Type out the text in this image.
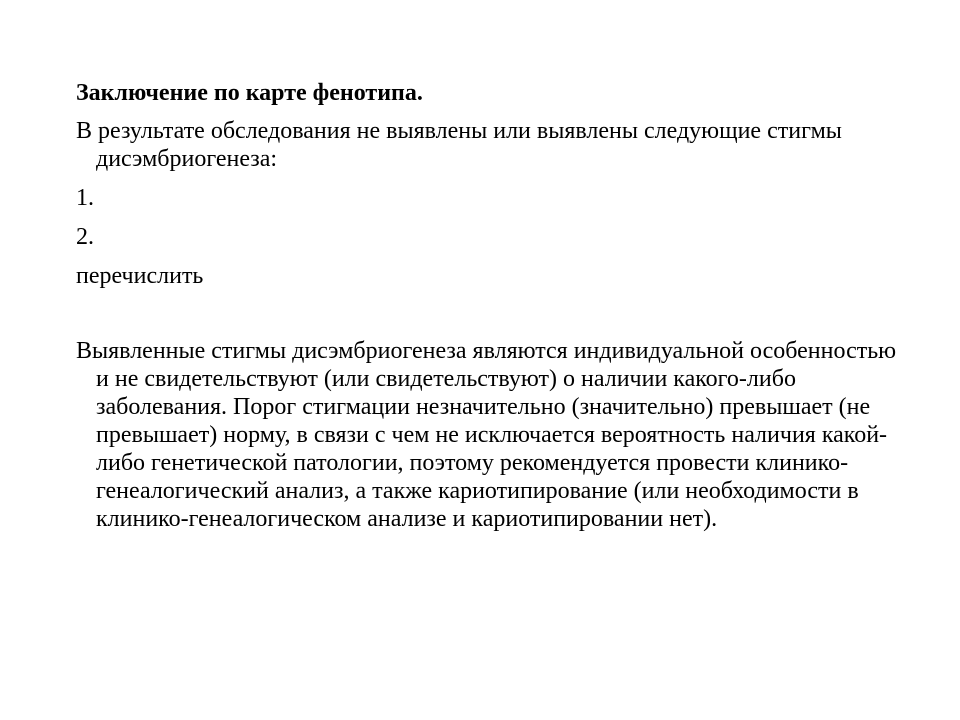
Заключение по карте фенотипа.

В результате обследования не выявлены или выявлены следующие стигмы дисэмбриогенеза:

1.

2.

перечислить

Выявленные стигмы дисэмбриогенеза являются индивидуальной особенностью и не свидетельствуют (или свидетельствуют) о наличии какого-либо заболевания. Порог стигмации незначительно (значительно) превышает (не превышает) норму, в связи с чем не исключается вероятность наличия какой-либо генетической патологии, поэтому рекомендуется провести клинико-генеалогический анализ, а также кариотипирование (или необходимости в клинико-генеалогическом анализе и кариотипировании нет).
